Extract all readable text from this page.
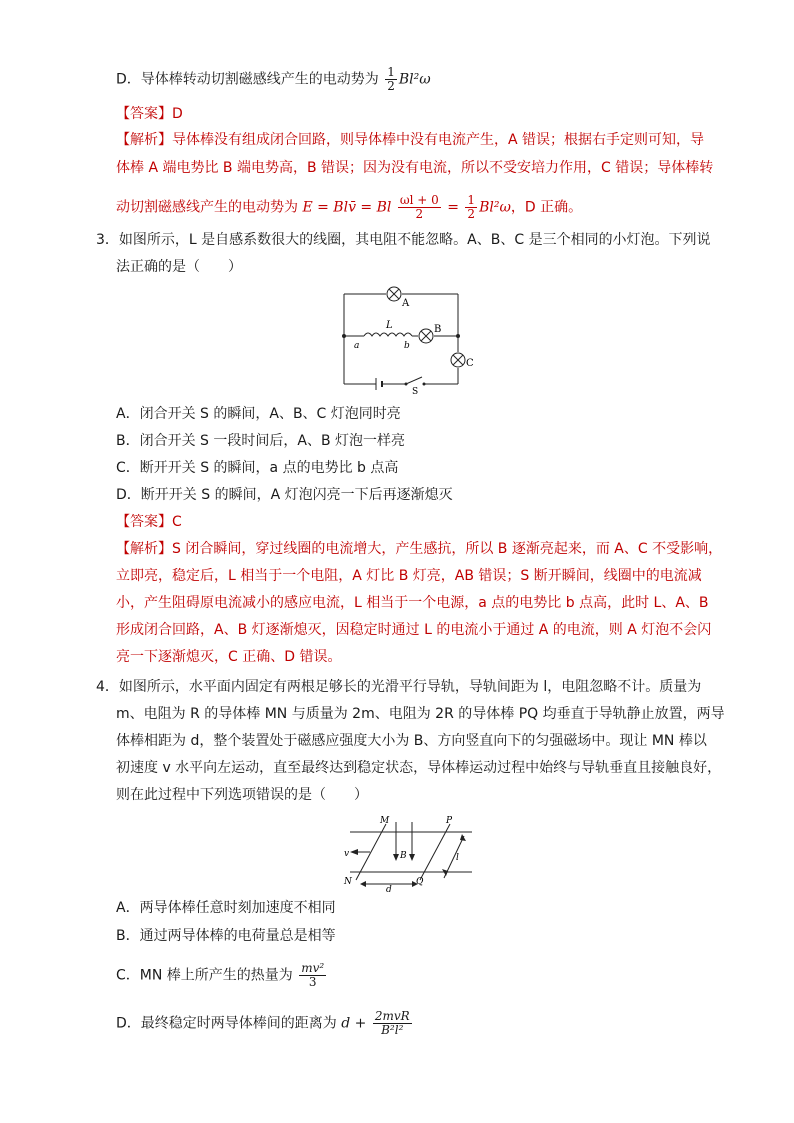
D．导体棒转动切割磁感线产生的电动势为 $\frac{1}{2} Bl^2\omega$
【答案】D
【解析】导体棒没有组成闭合回路，则导体棒中没有电流产生，A 错误；根据右手定则可知，导
体棒 A 端电势比 B 端电势高，B 错误；因为没有电流，所以不受安培力作用，C 错误；导体棒转
动切割磁感线产生的电动势为 E = Blv̄ = Bl $\frac{\omega l + 0}{2} = \frac{1}{2} Bl^2\omega$，D 正确。
3．如图所示，L 是自感系数很大的线圈，其电阻不能忽略。A、B、C 是三个相同的小灯泡。下列说
法正确的是（　　）
A
B
C
L
a	b
S
A．闭合开关 S 的瞬间，A、B、C 灯泡同时亮
B．闭合开关 S 一段时间后，A、B 灯泡一样亮
C．断开开关 S 的瞬间，a 点的电势比 b 点高
D．断开开关 S 的瞬间，A 灯泡闪亮一下后再逐渐熄灭
【答案】C
【解析】S 闭合瞬间，穿过线圈的电流增大，产生感抗，所以 B 逐渐亮起来，而 A、C 不受影响，
立即亮，稳定后，L 相当于一个电阻，A 灯比 B 灯亮，AB 错误；S 断开瞬间，线圈中的电流减
小，产生阻碍原电流减小的感应电流，L 相当于一个电源，a 点的电势比 b 点高，此时 L、A、B
形成闭合回路，A、B 灯逐渐熄灭，因稳定时通过 L 的电流小于通过 A 的电流，则 A 灯泡不会闪
亮一下逐渐熄灭，C 正确、D 错误。
4．如图所示，水平面内固定有两根足够长的光滑平行导轨，导轨间距为 l，电阻忽略不计。质量为
m、电阻为 R 的导体棒 MN 与质量为 2m、电阻为 2R 的导体棒 PQ 均垂直于导轨静止放置，两导
体棒相距为 d，整个装置处于磁感应强度大小为 B、方向竖直向下的匀强磁场中。现让 MN 棒以
初速度 v 水平向左运动，直至最终达到稳定状态，导体棒运动过程中始终与导轨垂直且接触良好，
则在此过程中下列选项错误的是（　　）
M	P
N	Q
v	B
d
l
A．两导体棒任意时刻加速度不相同
B．通过两导体棒的电荷量总是相等
C．MN 棒上所产生的热量为 $\frac{\text{mv²}}{3}$
D．最终稳定时两导体棒间的距离为 $d + \frac{\text{2mvR}}{\text{B²l²}}$
